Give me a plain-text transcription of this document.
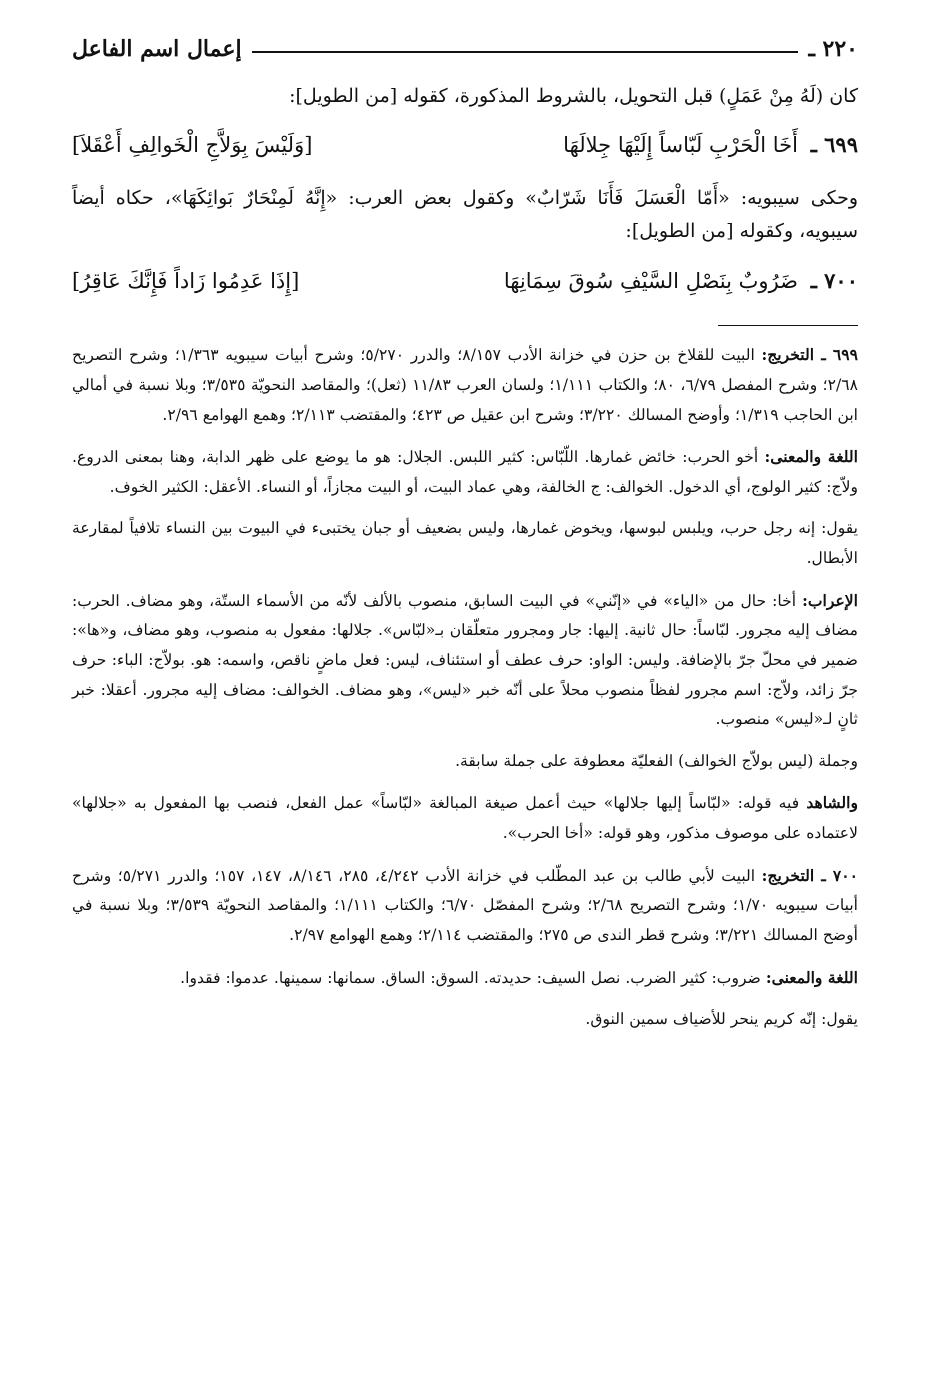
٢٢٠ ـ
إعمال اسم الفاعل

كان (لَهُ مِنْ عَمَلٍ) قبل التحويل، بالشروط المذكورة، كقوله [من الطويل]:

٦٩٩ ـ أَخَا الْحَرْبِ لَبّاساً إِلَيْهَا جِلالَهَا
[وَلَيْسَ بِوَلاَّجِ الْخَوالِفِ أَعْقَلاَ]

وحكى سيبويه: «أَمّا الْعَسَلَ فَأَنَا شَرّابٌ» وكقول بعض العرب: «إِنَّهُ لَمِنْحَارٌ بَوائِكَهَا»، حكاه أيضاً سيبويه، وكقوله [من الطويل]:

٧٠٠ ـ ضَرُوبٌ بِنَصْلِ السَّيْفِ سُوقَ سِمَانِهَا
[إِذَا عَدِمُوا زَاداً فَإِنَّكَ عَاقِرُ]

٦٩٩ ـ التخريج: البيت للقلاخ بن حزن في خزانة الأدب ٨/١٥٧؛ والدرر ٥/٢٧٠؛ وشرح أبيات سيبويه ١/٣٦٣؛ وشرح التصريح ٢/٦٨؛ وشرح المفصل ٦/٧٩، ٨٠؛ والكتاب ١/١١١؛ ولسان العرب ١١/٨٣ (ثعل)؛ والمقاصد النحويّة ٣/٥٣٥؛ وبلا نسبة في أمالي ابن الحاجب ١/٣١٩؛ وأوضح المسالك ٣/٢٢٠؛ وشرح ابن عقيل ص ٤٢٣؛ والمقتضب ٢/١١٣؛ وهمع الهوامع ٢/٩٦.

اللغة والمعنى: أخو الحرب: خائض غمارها. اللّبّاس: كثير اللبس. الجلال: هو ما يوضع على ظهر الدابة، وهنا بمعنى الدروع. ولاّج: كثير الولوج، أي الدخول. الخوالف: ج الخالفة، وهي عماد البيت، أو البيت مجازاً، أو النساء. الأعقل: الكثير الخوف.

يقول: إنه رجل حرب، ويلبس لبوسها، ويخوض غمارها، وليس بضعيف أو جبان يختبىء في البيوت بين النساء تلافياً لمقارعة الأبطال.

الإعراب: أخا: حال من «الياء» في «إنّني» في البيت السابق، منصوب بالألف لأنّه من الأسماء الستّة، وهو مضاف. الحرب: مضاف إليه مجرور. لبّاساً: حال ثانية. إليها: جار ومجرور متعلّقان بـ«لبّاس». جلالها: مفعول به منصوب، وهو مضاف، و«ها»: ضمير في محلّ جرّ بالإضافة. وليس: الواو: حرف عطف أو استئناف، ليس: فعل ماضٍ ناقص، واسمه: هو. بولاّج: الباء: حرف جرّ زائد، ولاّج: اسم مجرور لفظاً منصوب محلاً على أنّه خبر «ليس»، وهو مضاف. الخوالف: مضاف إليه مجرور. أعقلا: خبر ثانٍ لـ«ليس» منصوب.

وجملة (ليس بولاّج الخوالف) الفعليّة معطوفة على جملة سابقة.

والشاهد فيه قوله: «لبّاساً إليها جلالها» حيث أعمل صيغة المبالغة «لبّاساً» عمل الفعل، فنصب بها المفعول به «جلالها» لاعتماده على موصوف مذكور، وهو قوله: «أخا الحرب».

٧٠٠ ـ التخريج: البيت لأبي طالب بن عبد المطّلب في خزانة الأدب ٤/٢٤٢، ٢٨٥، ٨/١٤٦، ١٤٧، ١٥٧؛ والدرر ٥/٢٧١؛ وشرح أبيات سيبويه ١/٧٠؛ وشرح التصريح ٢/٦٨؛ وشرح المفصّل ٦/٧٠؛ والكتاب ١/١١١؛ والمقاصد النحويّة ٣/٥٣٩؛ وبلا نسبة في أوضح المسالك ٣/٢٢١؛ وشرح قطر الندى ص ٢٧٥؛ والمقتضب ٢/١١٤؛ وهمع الهوامع ٢/٩٧.

اللغة والمعنى: ضروب: كثير الضرب. نصل السيف: حديدته. السوق: الساق. سمانها: سمينها. عدموا: فقدوا.

يقول: إنّه كريم ينحر للأضياف سمين النوق.
